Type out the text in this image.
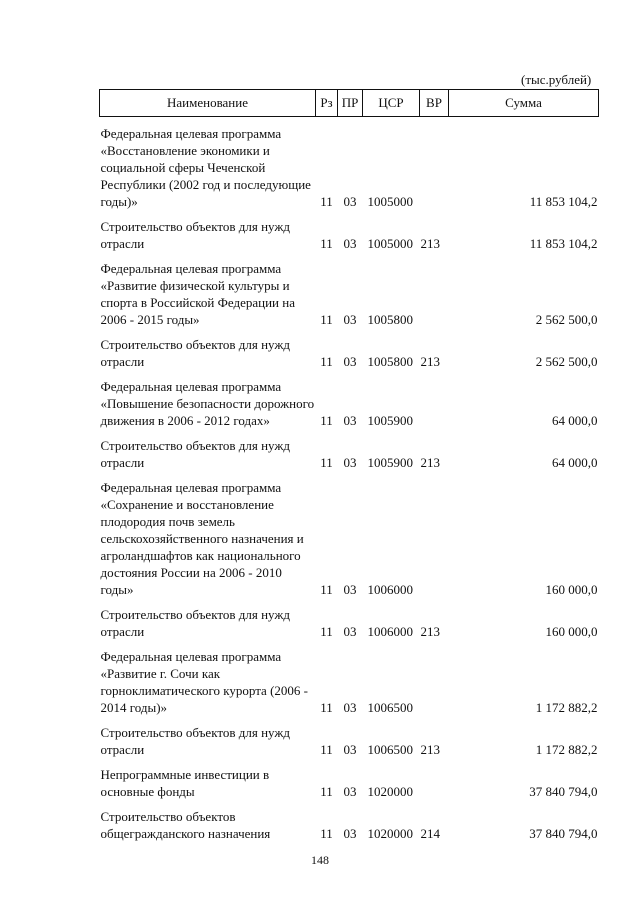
(тыс.рублей)
Наименование	Рз	ПР	ЦСР	ВР	Сумма

Федеральная целевая программа «Восстановление экономики и социальной сферы Чеченской Республики (2002 год и последующие годы)»	11	03	1005000		11 853 104,2

Строительство объектов для нужд отрасли	11	03	1005000	213	11 853 104,2

Федеральная целевая программа «Развитие физической культуры и спорта в Российской Федерации на 2006 - 2015 годы»	11	03	1005800		2 562 500,0

Строительство объектов для нужд отрасли	11	03	1005800	213	2 562 500,0

Федеральная целевая программа «Повышение безопасности дорожного движения в 2006 - 2012 годах»	11	03	1005900		64 000,0

Строительство объектов для нужд отрасли	11	03	1005900	213	64 000,0

Федеральная целевая программа «Сохранение и восстановление плодородия почв земель сельскохозяйственного назначения и агроландшафтов как национального достояния России на 2006 - 2010 годы»	11	03	1006000		160 000,0

Строительство объектов для нужд отрасли	11	03	1006000	213	160 000,0

Федеральная целевая программа «Развитие г. Сочи как горноклиматического курорта (2006 - 2014 годы)»	11	03	1006500		1 172 882,2

Строительство объектов для нужд отрасли	11	03	1006500	213	1 172 882,2

Непрограммные инвестиции в основные фонды	11	03	1020000		37 840 794,0

Строительство объектов общегражданского назначения	11	03	1020000	214	37 840 794,0
148
